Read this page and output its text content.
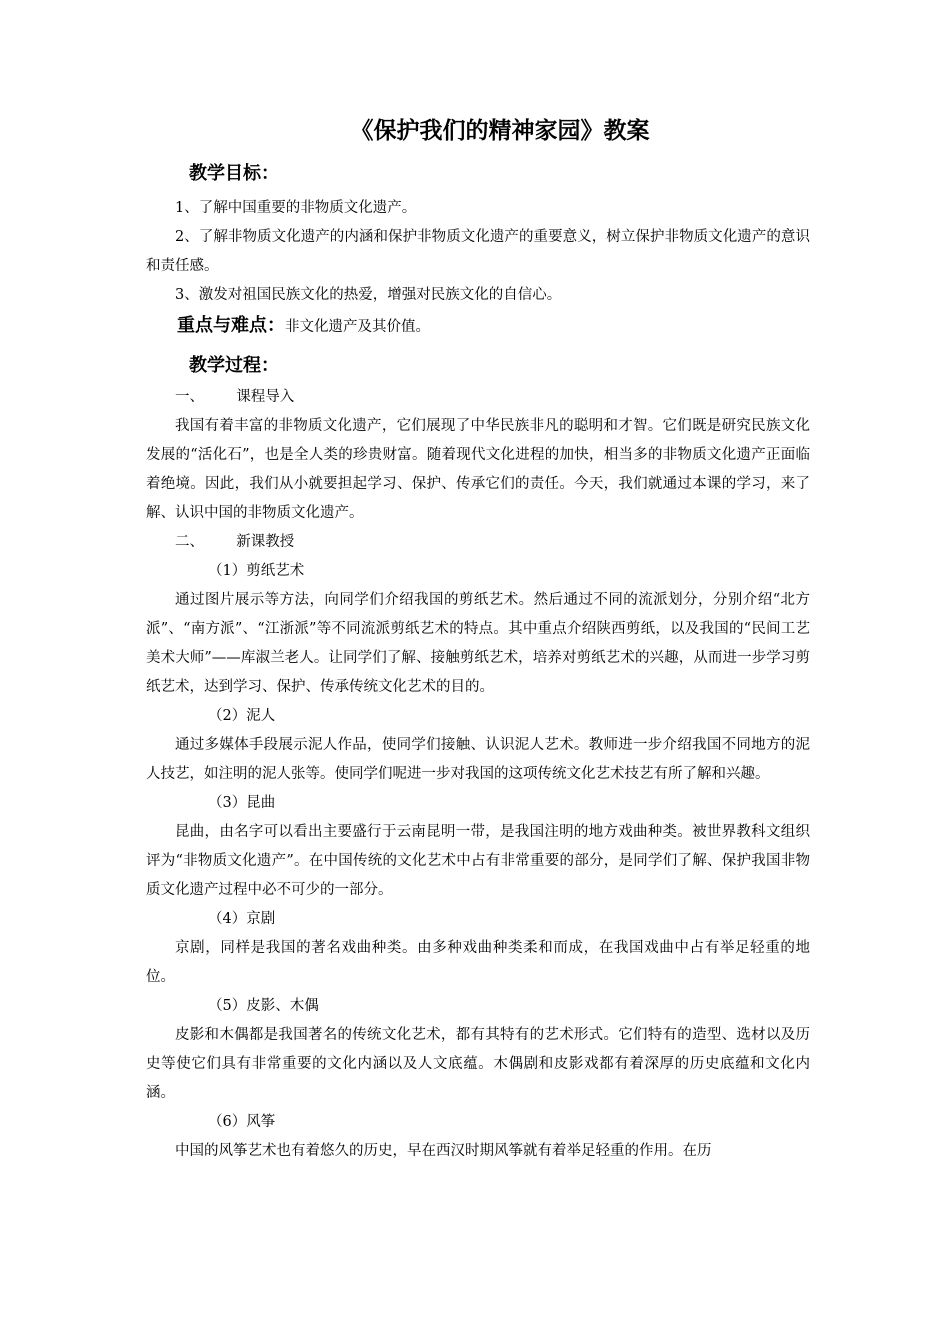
《保护我们的精神家园》教案
教学目标：

1、了解中国重要的非物质文化遗产。

2、了解非物质文化遗产的内涵和保护非物质文化遗产的重要意义，树立保护非物质文化遗产的意识和责任感。

3、激发对祖国民族文化的热爱，增强对民族文化的自信心。

重点与难点：非文化遗产及其价值。
教学过程：

一、       课程导入

我国有着丰富的非物质文化遗产，它们展现了中华民族非凡的聪明和才智。它们既是研究民族文化发展的“活化石”，也是全人类的珍贵财富。随着现代文化进程的加快，相当多的非物质文化遗产正面临着绝境。因此，我们从小就要担起学习、保护、传承它们的责任。今天，我们就通过本课的学习，来了解、认识中国的非物质文化遗产。

二、       新课教授

（1）剪纸艺术

通过图片展示等方法，向同学们介绍我国的剪纸艺术。然后通过不同的流派划分，分别介绍“北方派”、“南方派”、“江浙派”等不同流派剪纸艺术的特点。其中重点介绍陕西剪纸，以及我国的“民间工艺美术大师”——库淑兰老人。让同学们了解、接触剪纸艺术，培养对剪纸艺术的兴趣，从而进一步学习剪纸艺术，达到学习、保护、传承传统文化艺术的目的。

（2）泥人

通过多媒体手段展示泥人作品，使同学们接触、认识泥人艺术。教师进一步介绍我国不同地方的泥人技艺，如注明的泥人张等。使同学们呢进一步对我国的这项传统文化艺术技艺有所了解和兴趣。

（3）昆曲

昆曲，由名字可以看出主要盛行于云南昆明一带，是我国注明的地方戏曲种类。被世界教科文组织评为“非物质文化遗产”。在中国传统的文化艺术中占有非常重要的部分，是同学们了解、保护我国非物质文化遗产过程中必不可少的一部分。

（4）京剧

京剧，同样是我国的著名戏曲种类。由多种戏曲种类柔和而成，在我国戏曲中占有举足轻重的地位。

（5）皮影、木偶

皮影和木偶都是我国著名的传统文化艺术，都有其特有的艺术形式。它们特有的造型、选材以及历史等使它们具有非常重要的文化内涵以及人文底蕴。木偶剧和皮影戏都有着深厚的历史底蕴和文化内涵。

（6）风筝

中国的风筝艺术也有着悠久的历史，早在西汉时期风筝就有着举足轻重的作用。在历
